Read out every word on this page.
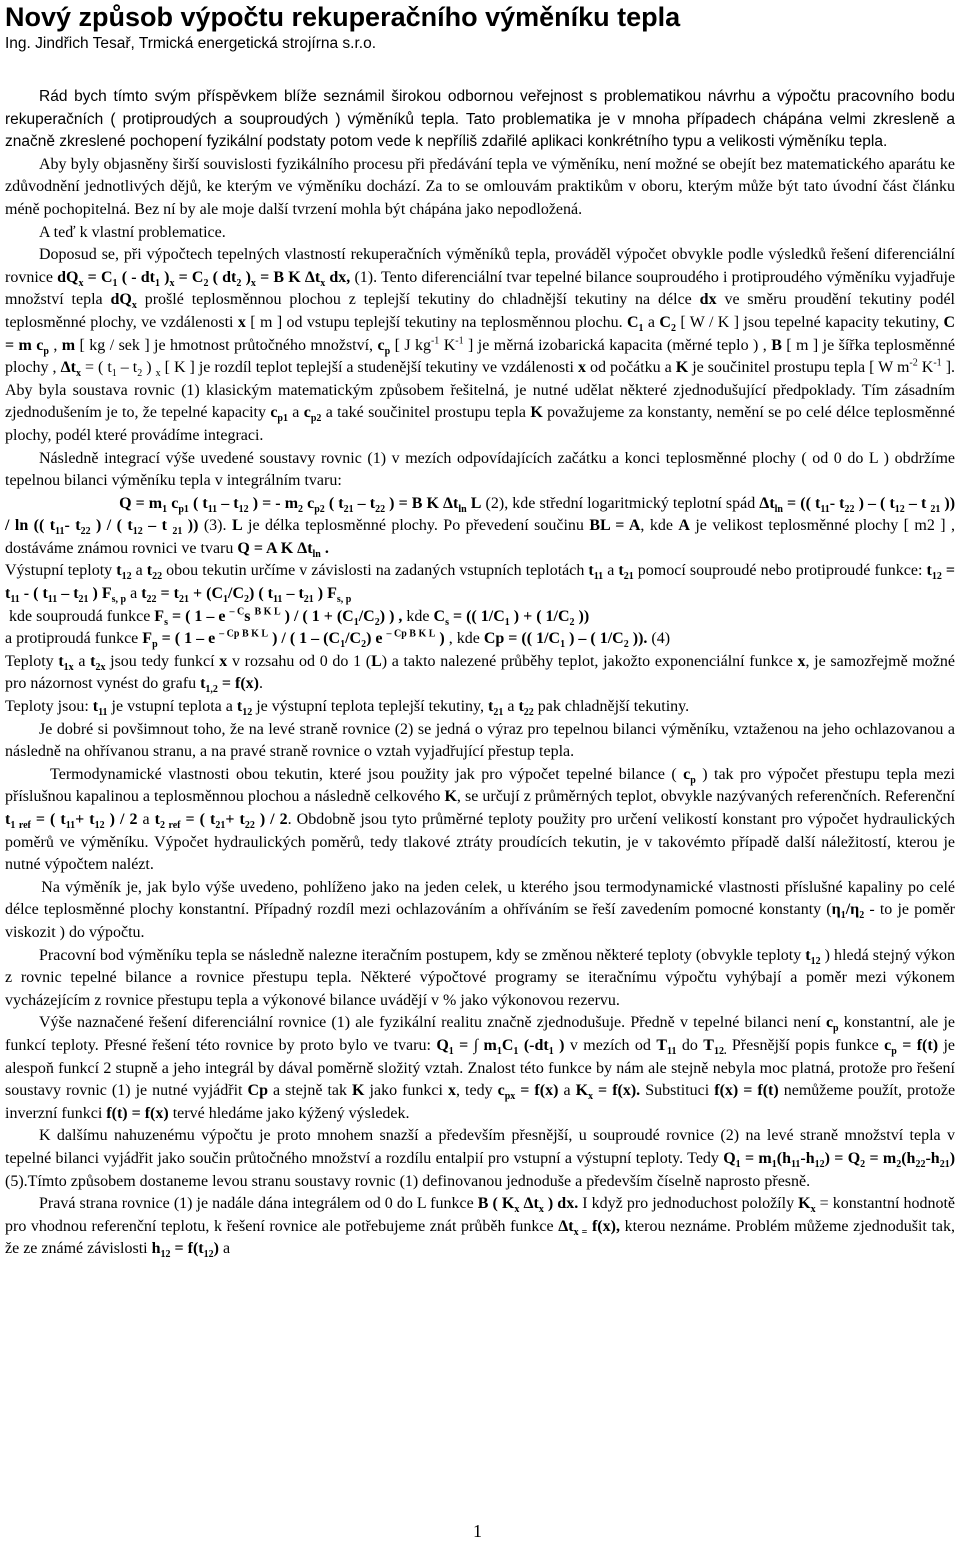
Nový způsob výpočtu rekuperačního výměníku tepla
Ing. Jindřich Tesař, Trmická energetická strojírna s.r.o.

Rád bych tímto svým příspěvkem blíže seznámil širokou odbornou veřejnost s problematikou návrhu a výpočtu pracovního bodu rekuperačních ( protiproudých a souproudých ) výměníků tepla. Tato problematika je v mnoha případech chápána velmi zkresleně a značně zkreslené pochopení fyzikální podstaty potom vede k nepříliš zdařilé aplikaci konkrétního typu a velikosti výměníku tepla.

Aby byly objasněny širší souvislosti fyzikálního procesu při předávání tepla ve výměníku, není možné se obejít bez matematického aparátu ke zdůvodnění jednotlivých dějů, ke kterým ve výměníku dochází. Za to se omlouvám praktikům v oboru, kterým může být tato úvodní část článku méně pochopitelná. Bez ní by ale moje další tvrzení mohla být chápána jako nepodložená.

A teď k vlastní problematice.

Doposud se, při výpočtech tepelných vlastností rekuperačních výměníků tepla, prováděl výpočet obvykle podle výsledků řešení diferenciální rovnice $dQ_x = C_1$ ( - $dt_1$ )$_x = C_2$ ( $dt_2$ )$_x = B$ K $\Delta t_x$ dx, (1). Tento diferenciální tvar tepelné bilance souproudého i protiproudého výměníku vyjadřuje množství tepla $dQ_x$ prošlé teplosměnnou plochou z teplejší tekutiny do chladnější tekutiny na délce dx ve směru proudění tekutiny podél teplosměnné plochy, ve vzdálenosti x [ m ] od vstupu teplejší tekutiny na teplosměnnou plochu. $C_1$ a $C_2$ [ W / K ] jsou tepelné kapacity tekutiny, C = m $c_p$ , m [ kg / sek ] je hmotnost průtočného množství, $c_p$ [ J $kg^{-1}$ $K^{-1}$ ] je měrná izobarická kapacita (měrné teplo ) , B [ m ] je šířka teplosměnné plochy , $\Delta t_x$ = ( $t_1 - t_2$ ) $_x$ [ K ] je rozdíl teplot teplejší a studenější tekutiny ve vzdálenosti x od počátku a K je součinitel prostupu tepla [ W $m^{-2}$ $K^{-1}$ ]. Aby byla soustava rovnic (1) klasickým matematickým způsobem řešitelná, je nutné udělat některé zjednodušující předpoklady. Tím zásadním zjednodušením je to, že tepelné kapacity $c_{p1}$ a $c_{p2}$ a také součinitel prostupu tepla K považujeme za konstanty, nemění se po celé délce teplosměnné plochy, podél které provádíme integraci.

Následně integrací výše uvedené soustavy rovnic (1) v mezích odpovídajících začátku a konci teplosměnné plochy ( od 0 do L ) obdržíme tepelnou bilanci výměníku tepla v integrálním tvaru:

$Q = m_1$ $c_{p1}$ ( $t_{11} - t_{12}$ ) = - $m_2$ $c_{p2}$ ( $t_{21} - t_{22}$ ) = B K $\Delta t_{ln}$ L (2), kde střední logaritmický teplotní spád $\Delta t_{ln}$ = (( $t_{11}-$ $t_{22}$ ) – ( $t_{12}$ – t $_{21}$ )) / ln (( $t_{11}-$ $t_{22}$ ) / ( $t_{12}$ – t $_{21}$ )) (3). L je délka teplosměnné plochy. Po převedení součinu BL = A, kde A je velikost teplosměnné plochy [ m2 ] , dostáváme známou rovnici ve tvaru Q = A K $\Delta t_{ln}$ .

Výstupní teploty $t_{12}$ a $t_{22}$ obou tekutin určíme v závislosti na zadaných vstupních teplotách $t_{11}$ a $t_{21}$ pomocí souproudé nebo protiproudé funkce: $t_{12} = t_{11}$ - ( $t_{11} - t_{21}$ ) $F_{s, p}$ a $t_{22} = t_{21} + (C_1/C_2)$ ( $t_{11} - t_{21}$ ) $F_{s, p}$

kde souproudá funkce $F_s$ = ( 1 – e $^{- C}$s $^{B K L}$ ) / ( $1 + (C_1/C_2)$ ) , kde $C_s$ = (( $1/C_1$ ) + ( $1/C_2$ ))

a protiproudá funkce $F_p$ = ( 1 – e $^{- Cp B K L}$ ) / ( $1 - (C_1/C_2)$ e $^{- Cp B K L}$ ) , kde Cp = (( $1/C_1$ ) – ( $1/C_2$ )). (4)

Teploty $t_{1x}$ a $t_{2x}$ jsou tedy funkcí x v rozsahu od 0 do 1 (L) a takto nalezené průběhy teplot, jakožto exponenciální funkce x, je samozřejmě možné pro názornost vynést do grafu $t_{1,2} = f(x)$.

Teploty jsou: $t_{11}$ je vstupní teplota a $t_{12}$ je výstupní teplota teplejší tekutiny, $t_{21}$ a $t_{22}$ pak chladnější tekutiny.

Je dobré si povšimnout toho, že na levé straně rovnice (2) se jedná o výraz pro tepelnou bilanci výměníku, vztaženou na jeho ochlazovanou a následně na ohřívanou stranu, a na pravé straně rovnice o vztah vyjadřující přestup tepla.

Termodynamické vlastnosti obou tekutin, které jsou použity jak pro výpočet tepelné bilance ( $c_p$ ) tak pro výpočet přestupu tepla mezi příslušnou kapalinou a teplosměnnou plochou a následně celkového K, se určují z průměrných teplot, obvykle nazývaných referenčních. Referenční $t_{1 ref}$ = ( $t_{11}+ t_{12}$ ) / 2 a $t_{2 ref}$ = ( $t_{21}+ t_{22}$ ) / 2. Obdobně jsou tyto průměrné teploty použity pro určení velikostí konstant pro výpočet hydraulických poměrů ve výměníku. Výpočet hydraulických poměrů, tedy tlakové ztráty proudících tekutin, je v takovémto případě další náležitostí, kterou je nutné výpočtem nalézt.

Na výměník je, jak bylo výše uvedeno, pohlíženo jako na jeden celek, u kterého jsou termodynamické vlastnosti příslušné kapaliny po celé délce teplosměnné plochy konstantní. Případný rozdíl mezi ochlazováním a ohříváním se řeší zavedením pomocné konstanty ($\eta_1/\eta_2$ - to je poměr viskozit ) do výpočtu.

Pracovní bod výměníku tepla se následně nalezne iteračním postupem, kdy se změnou některé teploty (obvykle teploty $t_{12}$ ) hledá stejný výkon z rovnic tepelné bilance a rovnice přestupu tepla. Některé výpočtové programy se iteračnímu výpočtu vyhýbají a poměr mezi výkonem vycházejícím z rovnice přestupu tepla a výkonové bilance uvádějí v % jako výkonovou rezervu.

Výše naznačené řešení diferenciální rovnice (1) ale fyzikální realitu značně zjednodušuje. Předně v tepelné bilanci není $c_p$ konstantní, ale je funkcí teploty. Přesné řešení této rovnice by proto bylo ve tvaru: $Q_1$ = ∫ $m_1C_1$ ($-dt_1$ ) v mezích od $T_{11}$ do $T_{12.}$ Přesnější popis funkce $c_p = f(t)$ je alespoň funkcí 2 stupně a jeho integrál by dával poměrně složitý vztah. Znalost této funkce by nám ale stejně nebyla moc platná, protože pro řešení soustavy rovnic (1) je nutné vyjádřit Cp a stejně tak K jako funkci x, tedy $c_{px} = f(x)$ a $K_x = f(x)$. Substituci f(x) = f(t) nemůžeme použít, protože inverzní funkci f(t) = f(x) tervé hledáme jako kýžený výsledek.

K dalšímu nahuzenému výpočtu je proto mnohem snazší a především přesnější, u souproudé rovnice (2) na levé straně množství tepla v tepelné bilanci vyjádřit jako součin průtočného množství a rozdílu entalpií pro vstupní a výstupní teploty. Tedy $Q_1 = m_1(h_{11}-h_{12}) = Q_2 = m_2(h_{22}-h_{21})$ (5).Tímto způsobem dostaneme levou stranu soustavy rovnic (1) definovanou jednoduše a především číselně naprosto přesně.

Pravá strana rovnice (1) je nadále dána integrálem od 0 do L funkce B ( $K_x$ $\Delta t_x$ ) dx. I když pro jednoduchost položíly $K_x$ = konstantní hodnotě pro vhodnou referenční teplotu, k řešení rovnice ale potřebujeme znát průběh funkce $\Delta t_{x =}$ f(x), kterou neznáme. Problém můžeme zjednodušit tak, že ze známé závislosti $h_{12} = f(t_{12})$ a

1
